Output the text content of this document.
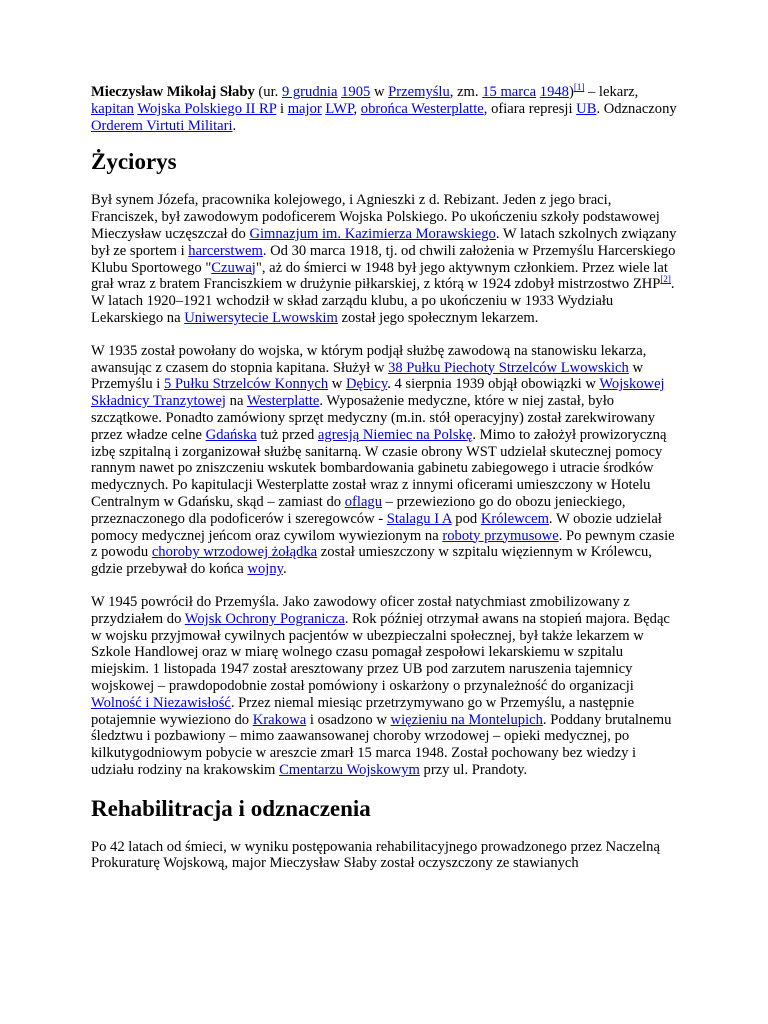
Mieczysław Mikołaj Słaby (ur. 9 grudnia 1905 w Przemyślu, zm. 15 marca 1948)[1] – lekarz, kapitan Wojska Polskiego II RP i major LWP, obrońca Westerplatte, ofiara represji UB. Odznaczony Orderem Virtuti Militari.

Życiorys

Był synem Józefa, pracownika kolejowego, i Agnieszki z d. Rebizant. Jeden z jego braci, Franciszek, był zawodowym podoficerem Wojska Polskiego. Po ukończeniu szkoły podstawowej Mieczysław uczęszczał do Gimnazjum im. Kazimierza Morawskiego. W latach szkolnych związany był ze sportem i harcerstwem. Od 30 marca 1918, tj. od chwili założenia w Przemyślu Harcerskiego Klubu Sportowego "Czuwaj", aż do śmierci w 1948 był jego aktywnym członkiem. Przez wiele lat grał wraz z bratem Franciszkiem w drużynie piłkarskiej, z którą w 1924 zdobył mistrzostwo ZHP[2]. W latach 1920–1921 wchodził w skład zarządu klubu, a po ukończeniu w 1933 Wydziału Lekarskiego na Uniwersytecie Lwowskim został jego społecznym lekarzem.

W 1935 został powołany do wojska, w którym podjął służbę zawodową na stanowisku lekarza, awansując z czasem do stopnia kapitana. Służył w 38 Pułku Piechoty Strzelców Lwowskich w Przemyślu i 5 Pułku Strzelców Konnych w Dębicy. 4 sierpnia 1939 objął obowiązki w Wojskowej Składnicy Tranzytowej na Westerplatte. Wyposażenie medyczne, które w niej zastał, było szczątkowe. Ponadto zamówiony sprzęt medyczny (m.in. stół operacyjny) został zarekwirowany przez władze celne Gdańska tuż przed agresją Niemiec na Polskę. Mimo to założył prowizoryczną izbę szpitalną i zorganizował służbę sanitarną. W czasie obrony WST udzielał skutecznej pomocy rannym nawet po zniszczeniu wskutek bombardowania gabinetu zabiegowego i utracie środków medycznych. Po kapitulacji Westerplatte został wraz z innymi oficerami umieszczony w Hotelu Centralnym w Gdańsku, skąd – zamiast do oflagu – przewieziono go do obozu jenieckiego, przeznaczonego dla podoficerów i szeregowców - Stalagu I A pod Królewcem. W obozie udzielał pomocy medycznej jeńcom oraz cywilom wywiezionym na roboty przymusowe. Po pewnym czasie z powodu choroby wrzodowej żołądka został umieszczony w szpitalu więziennym w Królewcu, gdzie przebywał do końca wojny.

W 1945 powrócił do Przemyśla. Jako zawodowy oficer został natychmiast zmobilizowany z przydziałem do Wojsk Ochrony Pogranicza. Rok później otrzymał awans na stopień majora. Będąc w wojsku przyjmował cywilnych pacjentów w ubezpieczalni społecznej, był także lekarzem w Szkole Handlowej oraz w miarę wolnego czasu pomagał zespołowi lekarskiemu w szpitalu miejskim. 1 listopada 1947 został aresztowany przez UB pod zarzutem naruszenia tajemnicy wojskowej – prawdopodobnie został pomówiony i oskarżony o przynależność do organizacji Wolność i Niezawisłość. Przez niemal miesiąc przetrzymywano go w Przemyślu, a następnie potajemnie wywieziono do Krakowa i osadzono w więzieniu na Montelupich. Poddany brutalnemu śledztwu i pozbawiony – mimo zaawansowanej choroby wrzodowej – opieki medycznej, po kilkutygodniowym pobycie w areszcie zmarł 15 marca 1948. Został pochowany bez wiedzy i udziału rodziny na krakowskim Cmentarzu Wojskowym przy ul. Prandoty.

Rehabilitracja i odznaczenia

Po 42 latach od śmieci, w wyniku postępowania rehabilitacyjnego prowadzonego przez Naczelną Prokuraturę Wojskową, major Mieczysław Słaby został oczyszczony ze stawianych
